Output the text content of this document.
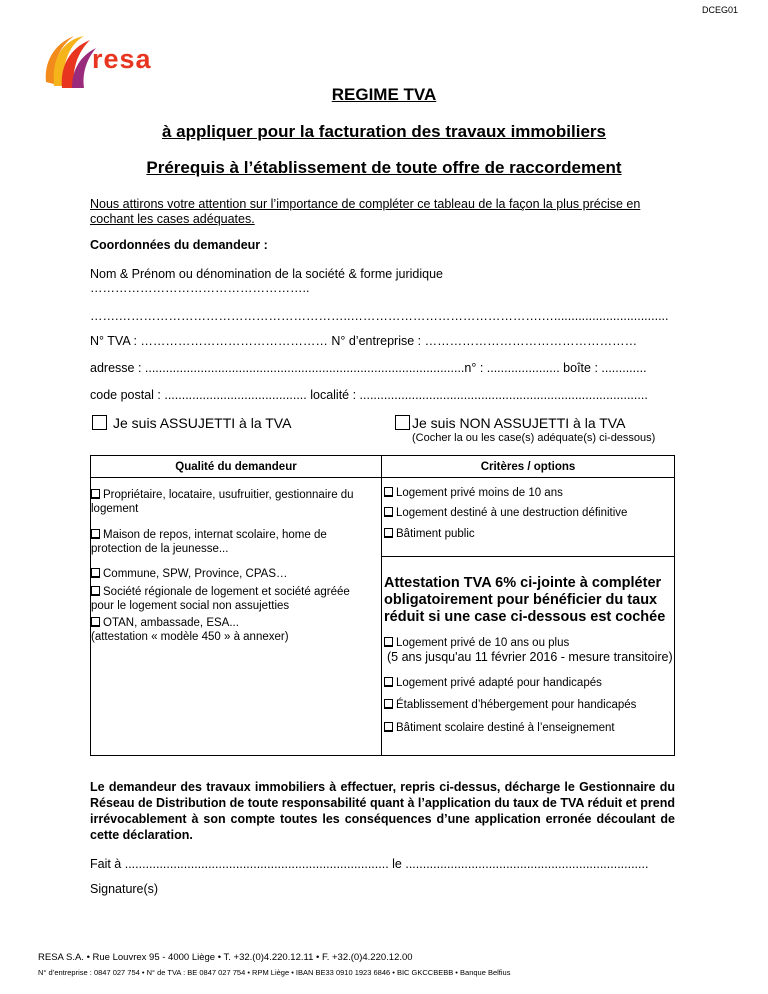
DCEG01
resa
REGIME TVA
à appliquer pour la facturation des travaux immobiliers
Prérequis à l’établissement de toute offre de raccordement
Nous attirons votre attention sur l’importance de compléter ce tableau de la façon la plus précise en cochant les cases adéquates.
Coordonnées du demandeur :
Nom & Prénom ou dénomination de la société & forme juridique
……………………………………………..
…….………………………………………………..……………………………………….….................................
N° TVA : ……………………………………… N° d’entreprise : ……………………………………………
adresse : ............................................................................................n° : ..................... boîte : .............
code postal : ......................................... localité : ...................................................................................
Je suis ASSUJETTI à la TVA	Je suis NON ASSUJETTI à la TVA
(Cocher la ou les case(s) adéquate(s) ci-dessous)
Qualité du demandeur	Critères / options
Propriétaire, locataire, usufruitier, gestionnaire du logement
Maison de repos, internat scolaire, home de protection de la jeunesse...
Commune, SPW, Province, CPAS…
Société régionale de logement et société agréée pour le logement social non assujetties
OTAN, ambassade, ESA...
(attestation « modèle 450 » à annexer)
Logement privé moins de 10 ans
Logement destiné à une destruction définitive
Bâtiment public
Attestation TVA 6% ci-jointe à compléter obligatoirement pour bénéficier du taux réduit si une case ci-dessous est cochée
Logement privé de 10 ans ou plus
(5 ans jusqu'au 11 février 2016 - mesure transitoire)
Logement privé adapté pour handicapés
Établissement d’hébergement pour handicapés
Bâtiment scolaire destiné à l’enseignement
Le demandeur des travaux immobiliers à effectuer, repris ci-dessus, décharge le Gestionnaire du Réseau de Distribution de toute responsabilité quant à l’application du taux de TVA réduit et prend irrévocablement à son compte toutes les conséquences d’une application erronée découlant de cette déclaration.
Fait à ............................................................................ le ......................................................................
Signature(s)
RESA S.A. • Rue Louvrex 95 - 4000 Liège • T. +32.(0)4.220.12.11 • F. +32.(0)4.220.12.00
N° d’entreprise : 0847 027 754 • N° de TVA : BE 0847 027 754 • RPM Liège • IBAN BE33 0910 1923 6846 • BIC GKCCBEBB • Banque Belfius
